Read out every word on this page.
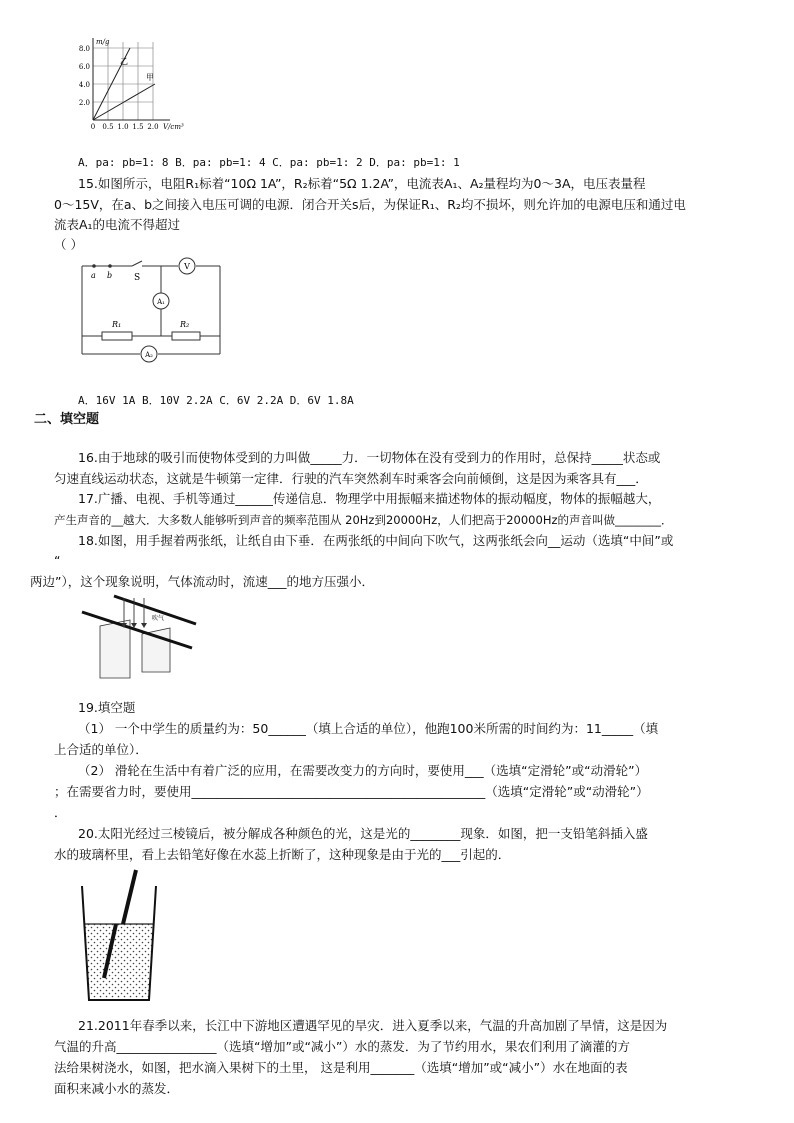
m/g
8.0
6.0
4.0
2.0
0 0.5 1.0 1.5 2.0 V/cm³
乙
甲
A．pa: pb=1: 8 B．pa: pb=1: 4 C．pa: pb=1: 2 D．pa: pb=1: 1
15.如图所示，电阻R₁标着“10Ω 1A”，R₂标着“5Ω 1.2A”，电流表A₁、A₂量程均为0～3A，电压表量程
0～15V，在a、b之间接入电压可调的电源．闭合开关s后，为保证R₁、R₂均不损坏，则允许加的电源电压和通过电
流表A₁的电流不得超过
（ ）
a b S
V
A₁
A₂
R₁	R₂
A．16V 1A B．10V 2.2A C．6V 2.2A D．6V 1.8A
二、填空题
16.由于地球的吸引而使物体受到的力叫做_____力．一切物体在没有受到力的作用时，总保持_____状态或
匀速直线运动状态，这就是牛顿第一定律．行驶的汽车突然刹车时乘客会向前倾倒，这是因为乘客具有___．
17.广播、电视、手机等通过______传递信息．物理学中用振幅来描述物体的振动幅度，物体的振幅越大，
产生声音的__越大．大多数人能够听到声音的频率范围从 20Hz到20000Hz，人们把高于20000Hz的声音叫做________．
18.如图，用手握着两张纸，让纸自由下垂．在两张纸的中间向下吹气，这两张纸会向__运动（选填“中间”或
“
两边”），这个现象说明，气体流动时，流速___的地方压强小．
吹气
19.填空题
（1） 一个中学生的质量约为：50______（填上合适的单位），他跑100米所需的时间约为：11_____（填
上合适的单位）．
（2） 滑轮在生活中有着广泛的应用，在需要改变力的方向时，要使用___（选填“定滑轮”或“动滑轮”）
；在需要省力时，要使用_______________________________________________（选填“定滑轮”或“动滑轮”）
．
20.太阳光经过三棱镜后，被分解成各种颜色的光，这是光的________现象．如图，把一支铅笔斜插入盛
水的玻璃杯里，看上去铅笔好像在水蕊上折断了，这种现象是由于光的___引起的．
21.2011年春季以来，长江中下游地区遭遇罕见的旱灾．进入夏季以来，气温的升高加剧了旱情，这是因为
气温的升高________________（选填“增加”或“减小”）水的蒸发．为了节约用水，果农们利用了滴灌的方
法给果树浇水，如图，把水滴入果树下的土里， 这是利用_______（选填“增加”或“减小”）水在地面的表
面积来减小水的蒸发．
